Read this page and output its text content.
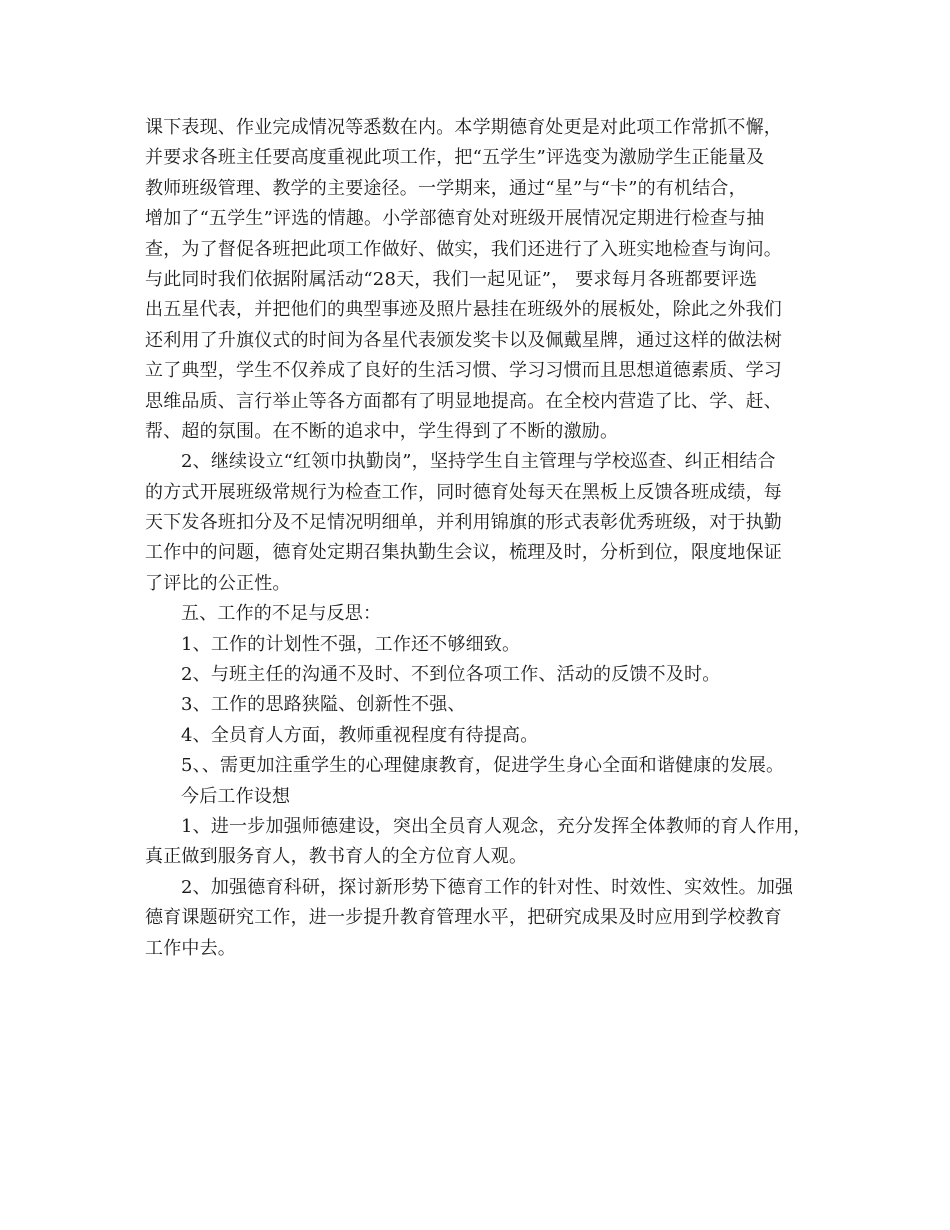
课下表现、作业完成情况等悉数在内。本学期德育处更是对此项工作常抓不懈，
并要求各班主任要高度重视此项工作，把“五学生”评选变为激励学生正能量及
教师班级管理、教学的主要途径。一学期来，通过“星”与“卡”的有机结合，
增加了“五学生”评选的情趣。小学部德育处对班级开展情况定期进行检查与抽
查，为了督促各班把此项工作做好、做实，我们还进行了入班实地检查与询问。
与此同时我们依据附属活动“28天，我们一起见证”， 要求每月各班都要评选
出五星代表，并把他们的典型事迹及照片悬挂在班级外的展板处，除此之外我们
还利用了升旗仪式的时间为各星代表颁发奖卡以及佩戴星牌，通过这样的做法树
立了典型，学生不仅养成了良好的生活习惯、学习习惯而且思想道德素质、学习
思维品质、言行举止等各方面都有了明显地提高。在全校内营造了比、学、赶、
帮、超的氛围。在不断的追求中，学生得到了不断的激励。
2、继续设立“红领巾执勤岗”，坚持学生自主管理与学校巡查、纠正相结合
的方式开展班级常规行为检查工作，同时德育处每天在黑板上反馈各班成绩，每
天下发各班扣分及不足情况明细单，并利用锦旗的形式表彰优秀班级，对于执勤
工作中的问题，德育处定期召集执勤生会议，梳理及时，分析到位，限度地保证
了评比的公正性。
五、工作的不足与反思：
1、工作的计划性不强，工作还不够细致。
2、与班主任的沟通不及时、不到位各项工作、活动的反馈不及时。
3、工作的思路狭隘、创新性不强、
4、全员育人方面，教师重视程度有待提高。
5、、需更加注重学生的心理健康教育，促进学生身心全面和谐健康的发展。
今后工作设想
1、进一步加强师德建设，突出全员育人观念，充分发挥全体教师的育人作用，
真正做到服务育人，教书育人的全方位育人观。
2、加强德育科研，探讨新形势下德育工作的针对性、时效性、实效性。加强
德育课题研究工作，进一步提升教育管理水平，把研究成果及时应用到学校教育
工作中去。
